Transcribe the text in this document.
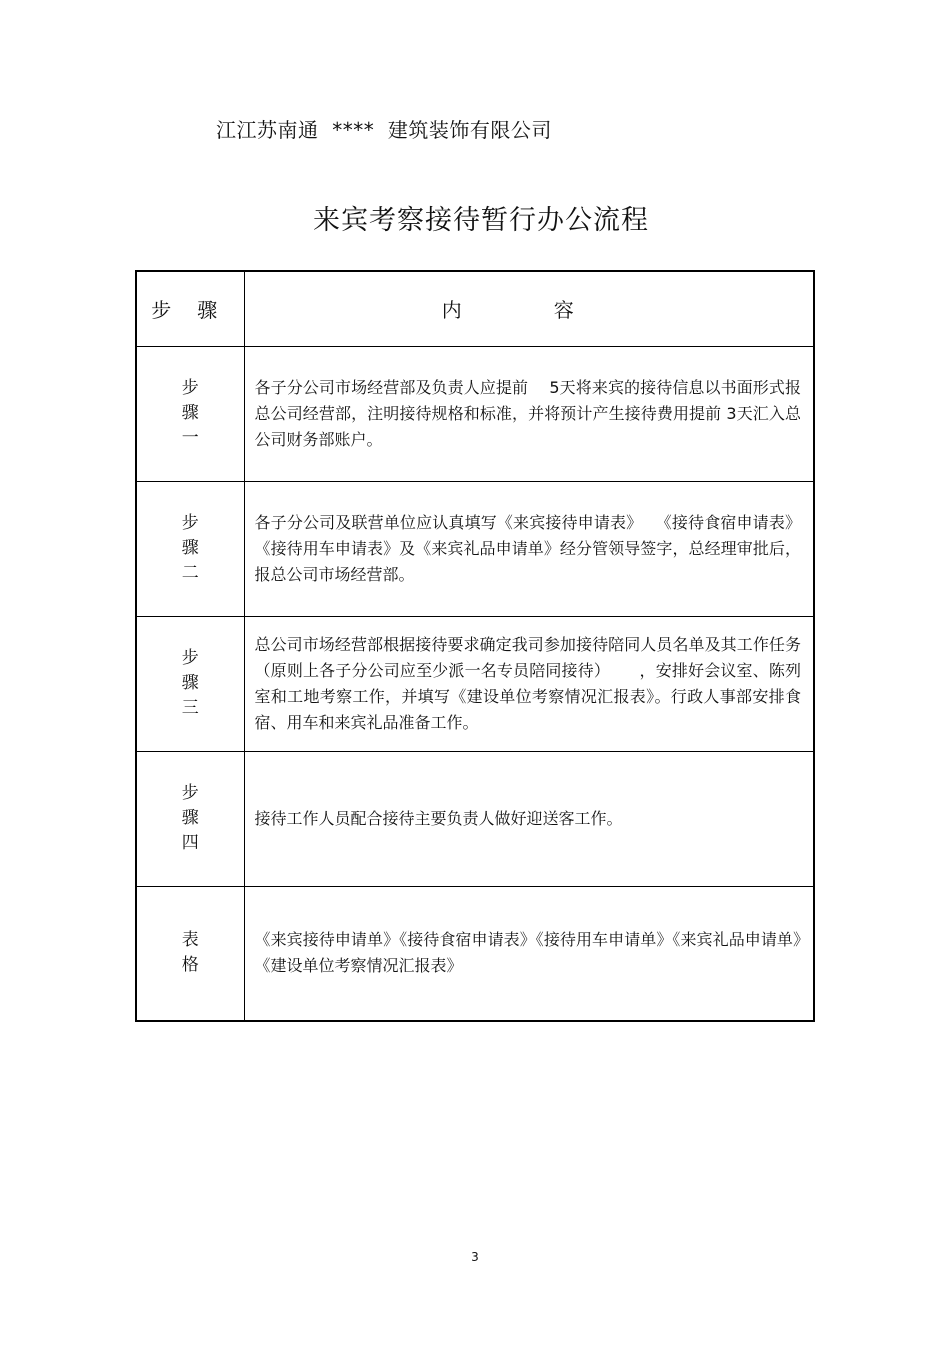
江江苏南通  ****  建筑装饰有限公司
来宾考察接待暂行办公流程
步骤	内容

步
骤
一	各子分公司市场经营部及负责人应提前　 5天将来宾的接待信息以书面形式报总公司经营部，注明接待规格和标准，并将预计产生接待费用提前 3天汇入总公司财务部账户。

步
骤
二	各子分公司及联营单位应认真填写《来宾接待申请表》　 《接待食宿申请表》《接待用车申请表》及《来宾礼品申请单》经分管领导签字，总经理审批后，报总公司市场经营部。

步
骤
三	总公司市场经营部根据接待要求确定我司参加接待陪同人员名单及其工作任务（原则上各子分公司应至少派一名专员陪同接待）　　 ，安排好会议室、陈列室和工地考察工作，并填写《建设单位考察情况汇报表》。行政人事部安排食宿、用车和来宾礼品准备工作。

步
骤
四	接待工作人员配合接待主要负责人做好迎送客工作。

表
格	《来宾接待申请单》《接待食宿申请表》《接待用车申请单》《来宾礼品申请单》《建设单位考察情况汇报表》
3
